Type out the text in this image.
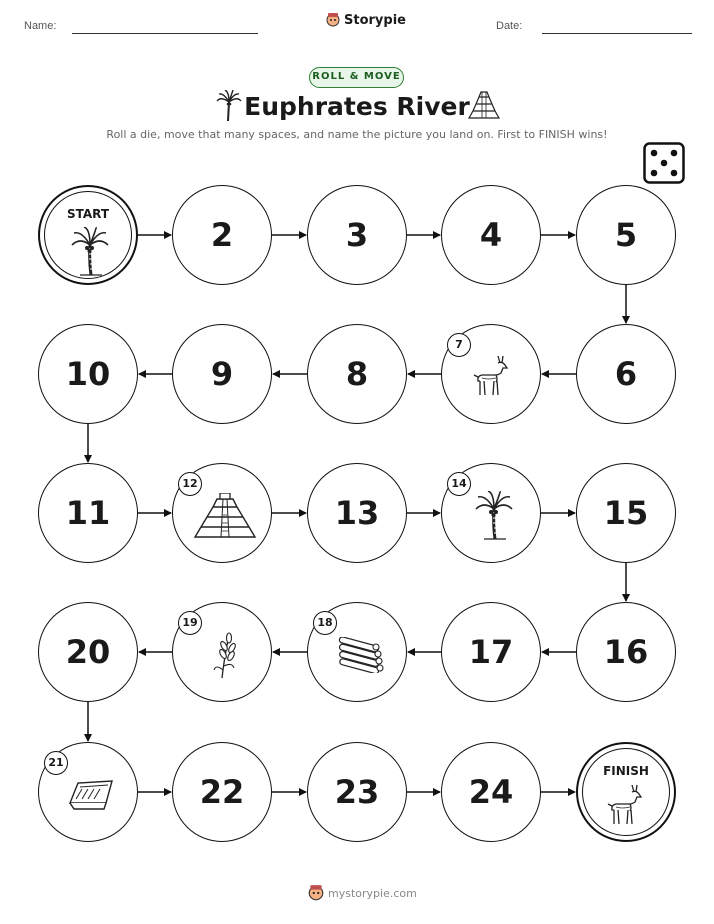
Name:	Date:
Storypie
ROLL & MOVE
Euphrates River
Roll a die, move that many spaces, and name the picture you land on. First to FINISH wins!
START
2	3	4	5
6
7
8
9
10
11
12
13
14
15
16
17
18
19
20
21
22	23	24
FINISH
mystorypie.com
